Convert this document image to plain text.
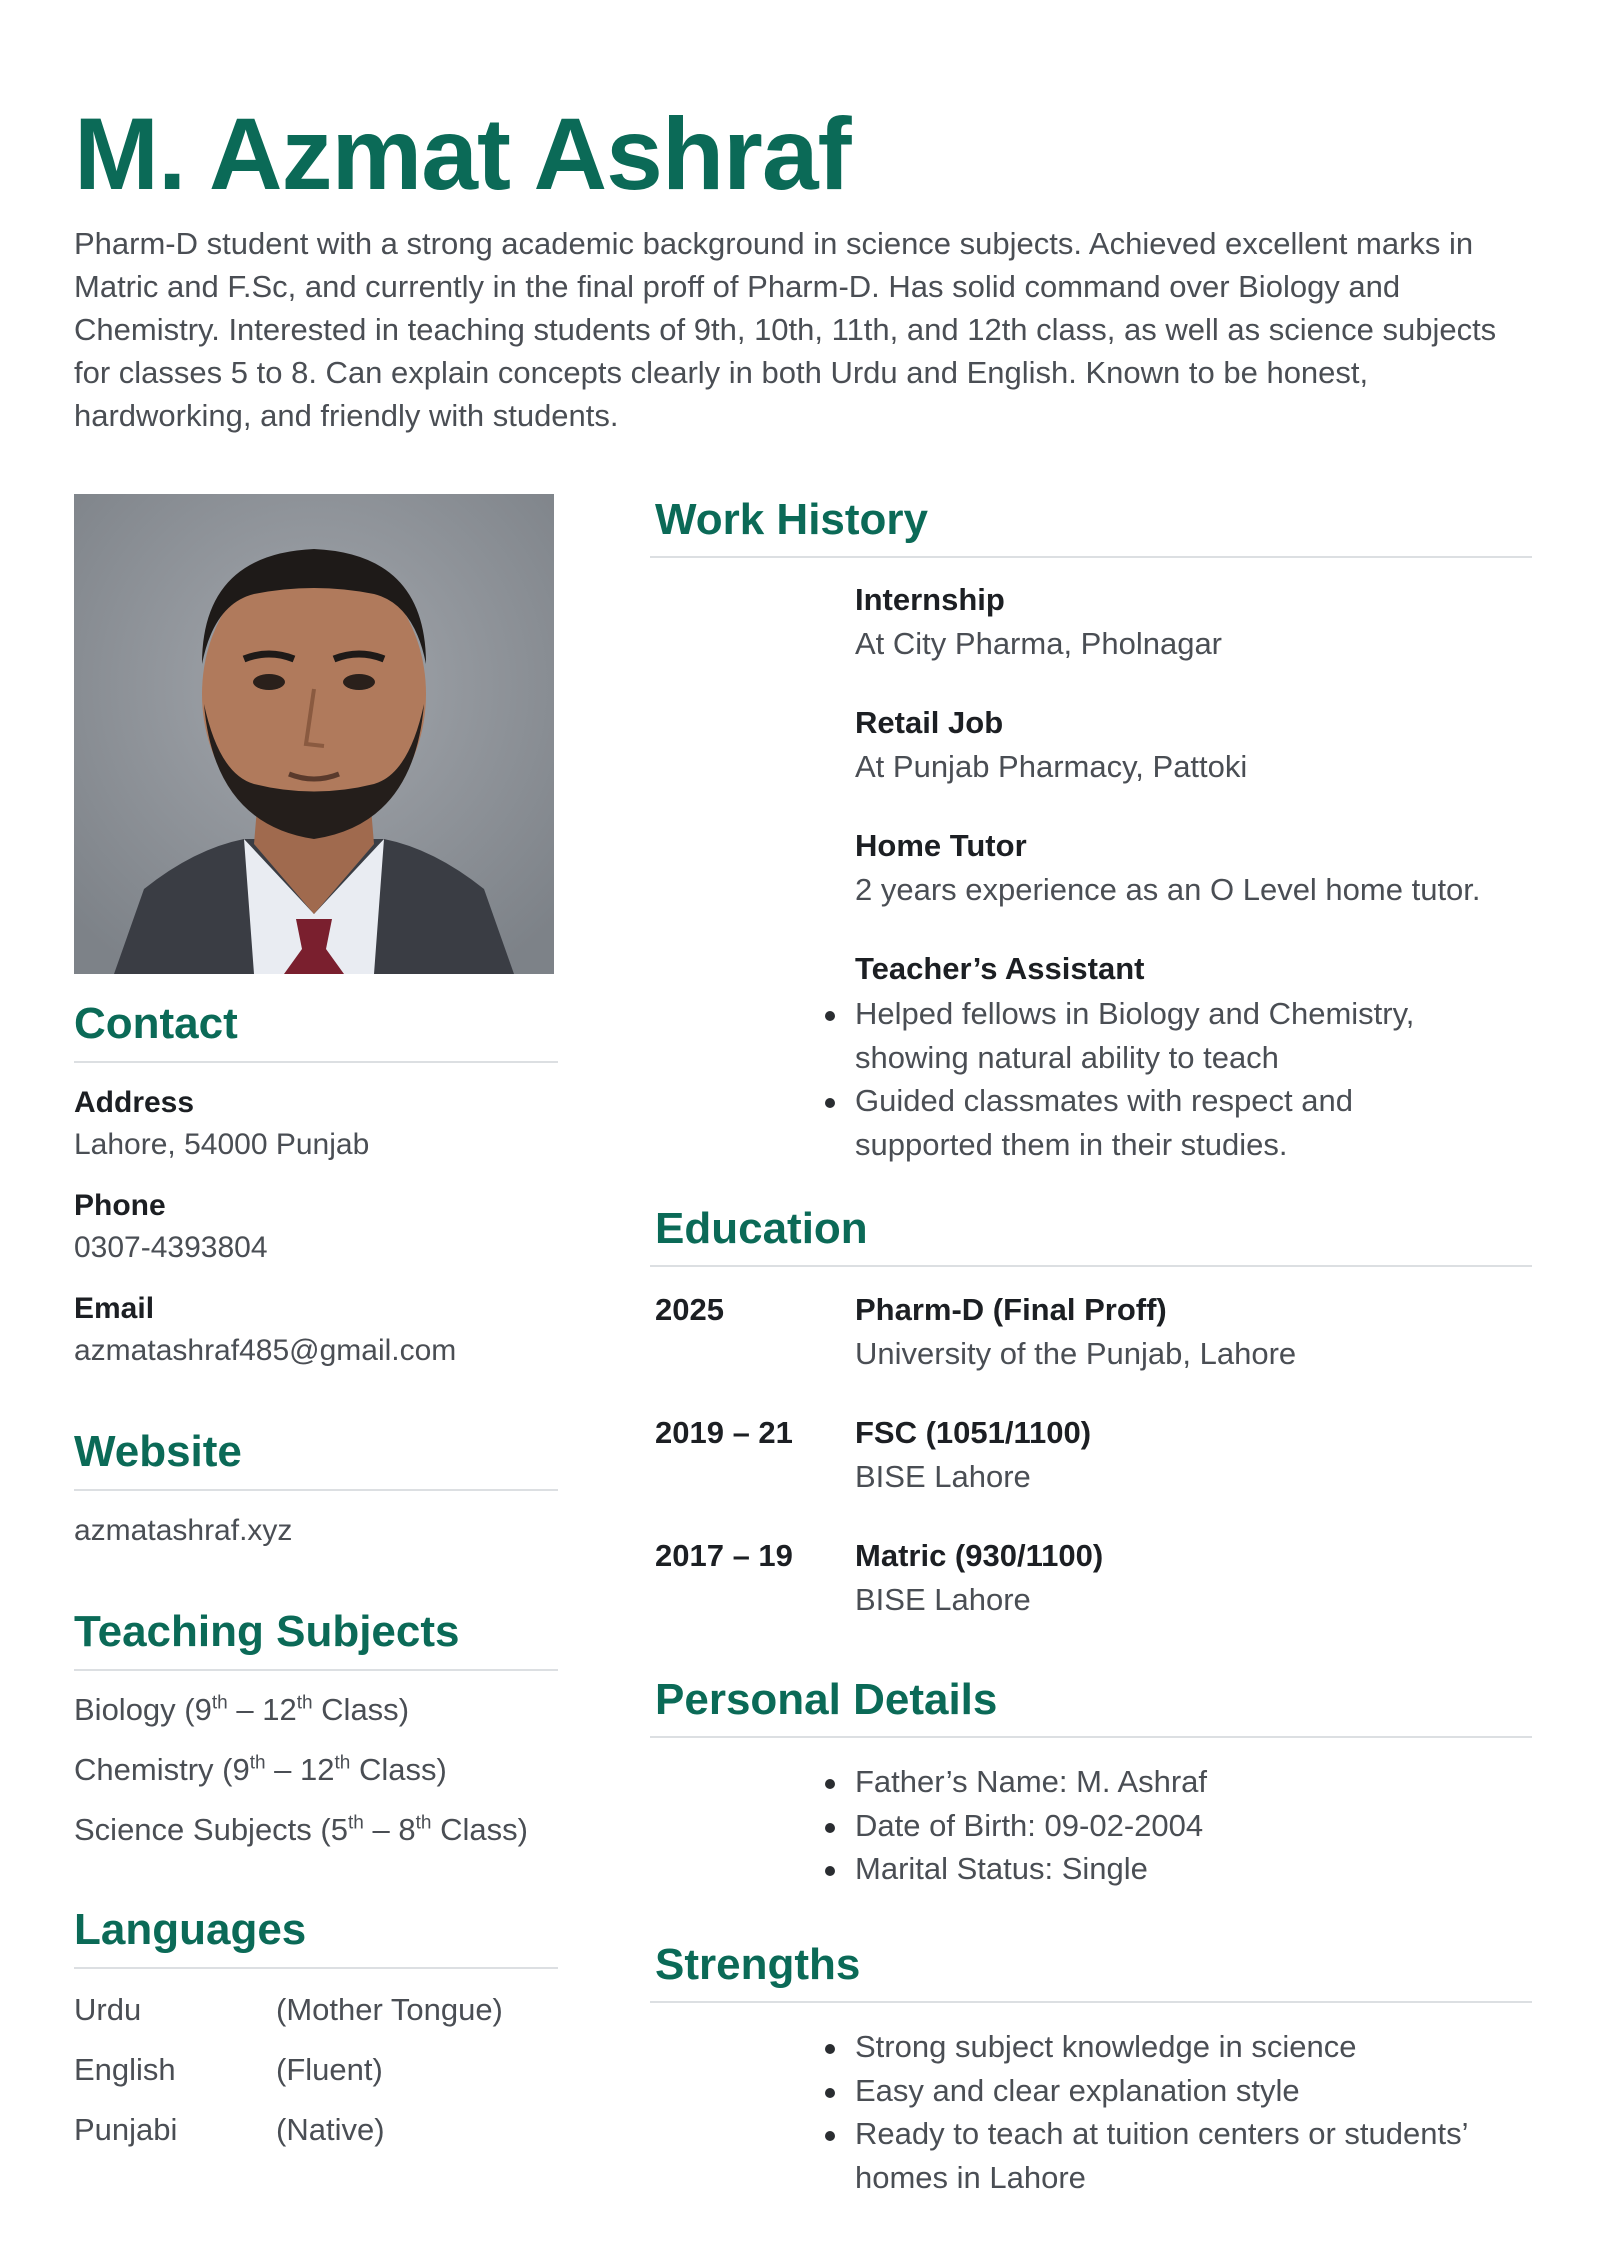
M. Azmat Ashraf
Pharm-D student with a strong academic background in science subjects. Achieved excellent marks in Matric and F.Sc, and currently in the final proff of Pharm-D. Has solid command over Biology and Chemistry. Interested in teaching students of 9th, 10th, 11th, and 12th class, as well as science subjects for classes 5 to 8. Can explain concepts clearly in both Urdu and English. Known to be honest, hardworking, and friendly with students.
Contact
Address
Lahore, 54000 Punjab
Phone
0307-4393804
Email
azmatashraf485@gmail.com
Website
azmatashraf.xyz
Teaching Subjects
Biology (9th – 12th Class)
Chemistry (9th – 12th Class)
Science Subjects (5th – 8th Class)
Languages
Urdu	(Mother Tongue)
English	(Fluent)
Punjabi	(Native)
Work History
Internship
At City Pharma, Pholnagar
Retail Job
At Punjab Pharmacy, Pattoki
Home Tutor
2 years experience as an O Level home tutor.
Teacher’s Assistant
Helped fellows in Biology and Chemistry, showing natural ability to teach
Guided classmates with respect and supported them in their studies.
Education
2025	Pharm-D (Final Proff)
University of the Punjab, Lahore
2019 – 21 FSC (1051/1100)
BISE Lahore
2017 – 19 Matric (930/1100)
BISE Lahore
Personal Details
Father’s Name: M. Ashraf
Date of Birth: 09-02-2004
Marital Status: Single
Strengths
Strong subject knowledge in science
Easy and clear explanation style
Ready to teach at tuition centers or students’ homes in Lahore
